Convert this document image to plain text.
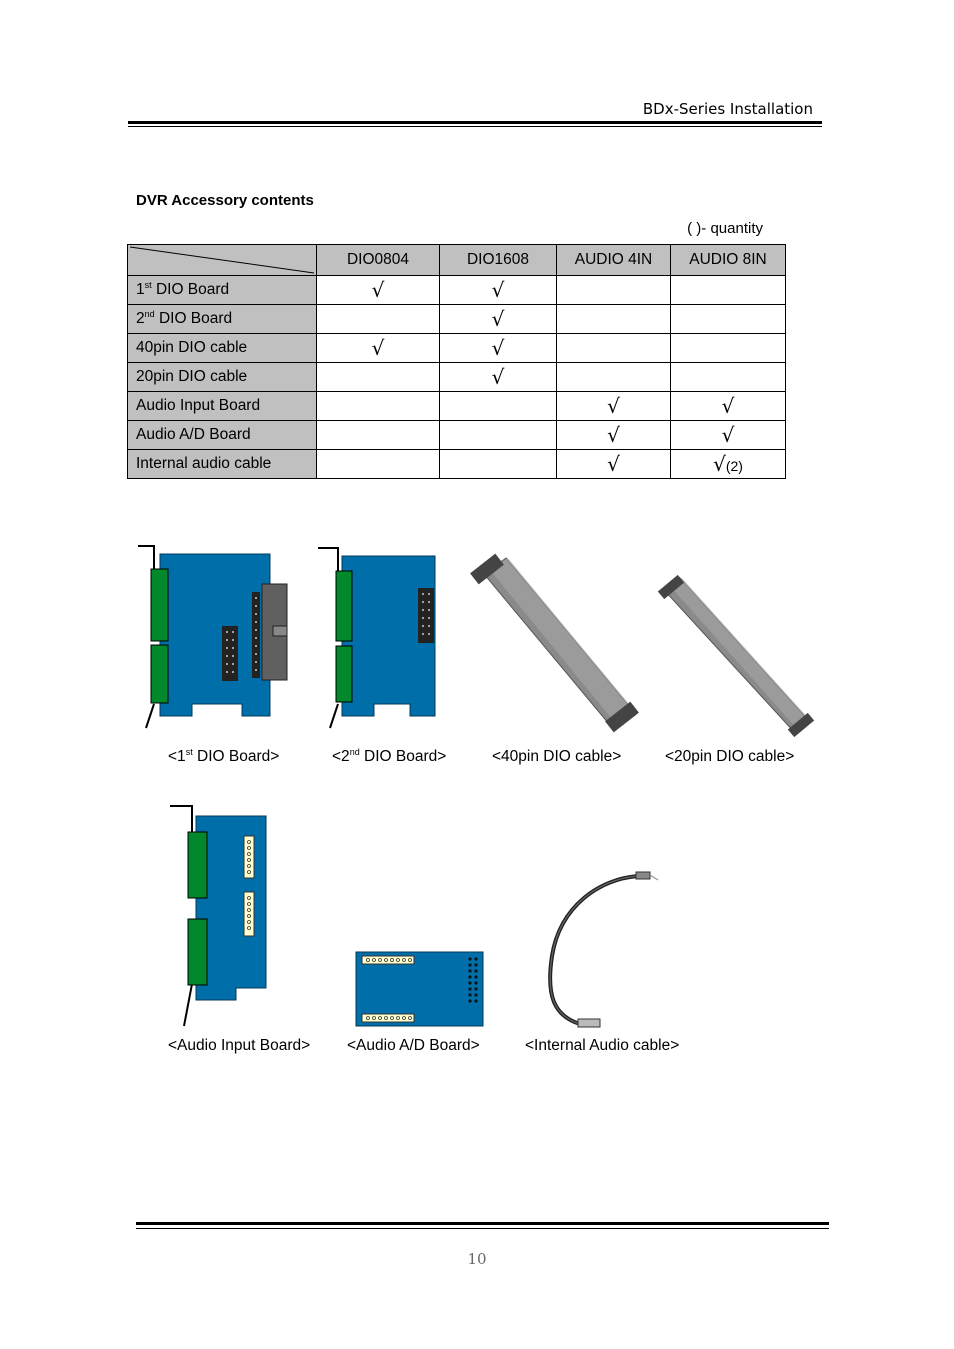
BDx-Series Installation
DVR Accessory contents
( )- quantity
	DIO0804	DIO1608	AUDIO 4IN	AUDIO 8IN
1st DIO Board	√	√		
2nd DIO Board		√		
40pin DIO cable	√	√		
20pin DIO cable		√		
Audio Input Board			√	√
Audio A/D Board			√	√
Internal audio cable			√	√(2)
<1st DIO Board>	<2nd DIO Board>	<40pin DIO cable>	<20pin DIO cable>
<Audio Input Board> <Audio A/D Board>	<Internal Audio cable>
10
